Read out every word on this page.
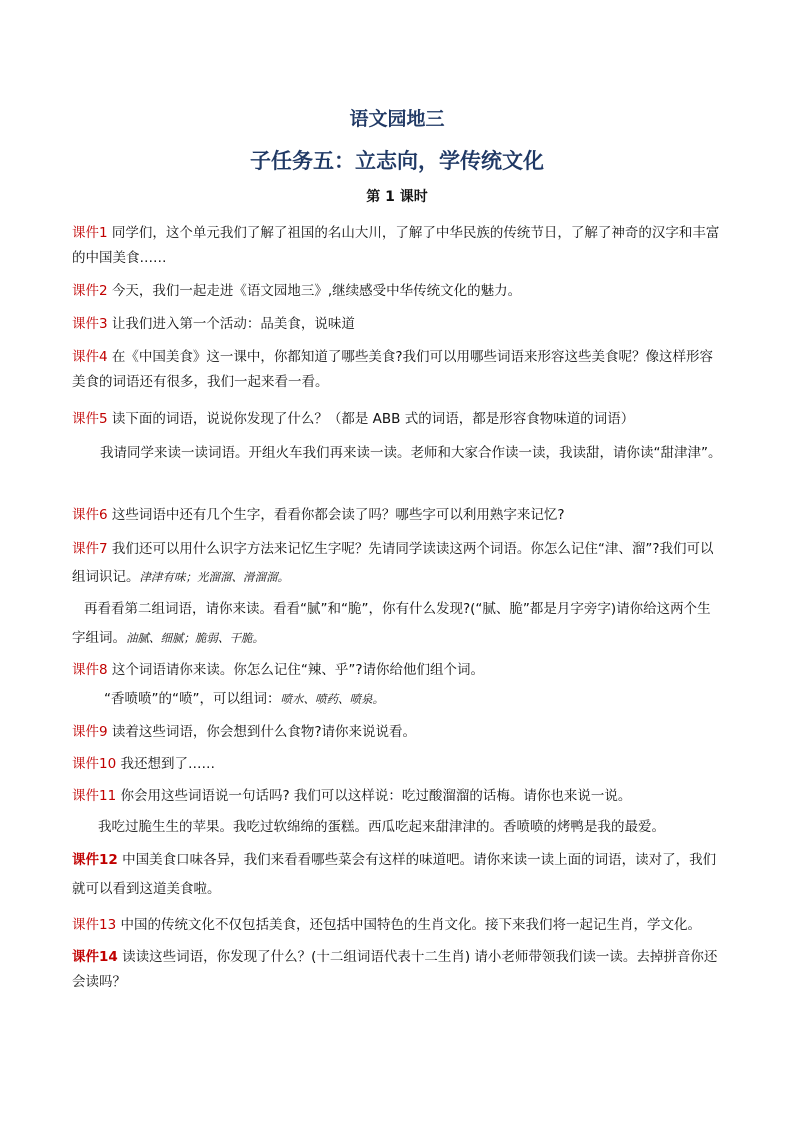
语文园地三
子任务五：立志向，学传统文化
第 1 课时

课件1 同学们，这个单元我们了解了祖国的名山大川，了解了中华民族的传统节日，了解了神奇的汉字和丰富的中国美食……

课件2 今天，我们一起走进《语文园地三》,继续感受中华传统文化的魅力。

课件3 让我们进入第一个活动：品美食，说味道

课件4 在《中国美食》这一课中，你都知道了哪些美食?我们可以用哪些词语来形容这些美食呢？像这样形容美食的词语还有很多，我们一起来看一看。

课件5 读下面的词语，说说你发现了什么？（都是 ABB 式的词语，都是形容食物味道的词语）

我请同学来读一读词语。开组火车我们再来读一读。老师和大家合作读一读，我读甜，请你读“甜津津”。

课件6 这些词语中还有几个生字，看看你都会读了吗？哪些字可以利用熟字来记忆?

课件7 我们还可以用什么识字方法来记忆生字呢？先请同学读读这两个词语。你怎么记住“津、溜”?我们可以组词识记。津津有味；光溜溜、滑溜溜。

再看看第二组词语，请你来读。看看“腻”和“脆”，你有什么发现?(“腻、脆”都是月字旁字)请你给这两个生字组词。油腻、细腻；脆弱、干脆。

课件8 这个词语请你来读。你怎么记住“辣、乎”?请你给他们组个词。

“香喷喷”的“喷”，可以组词：喷水、喷药、喷泉。

课件9 读着这些词语，你会想到什么食物?请你来说说看。

课件10 我还想到了……

课件11 你会用这些词语说一句话吗? 我们可以这样说：吃过酸溜溜的话梅。请你也来说一说。

我吃过脆生生的苹果。我吃过软绵绵的蛋糕。西瓜吃起来甜津津的。香喷喷的烤鸭是我的最爱。

课件12 中国美食口味各异，我们来看看哪些菜会有这样的味道吧。请你来读一读上面的词语，读对了，我们就可以看到这道美食啦。

课件13 中国的传统文化不仅包括美食，还包括中国特色的生肖文化。接下来我们将一起记生肖，学文化。

课件14 读读这些词语，你发现了什么？(十二组词语代表十二生肖) 请小老师带领我们读一读。去掉拼音你还会读吗？
